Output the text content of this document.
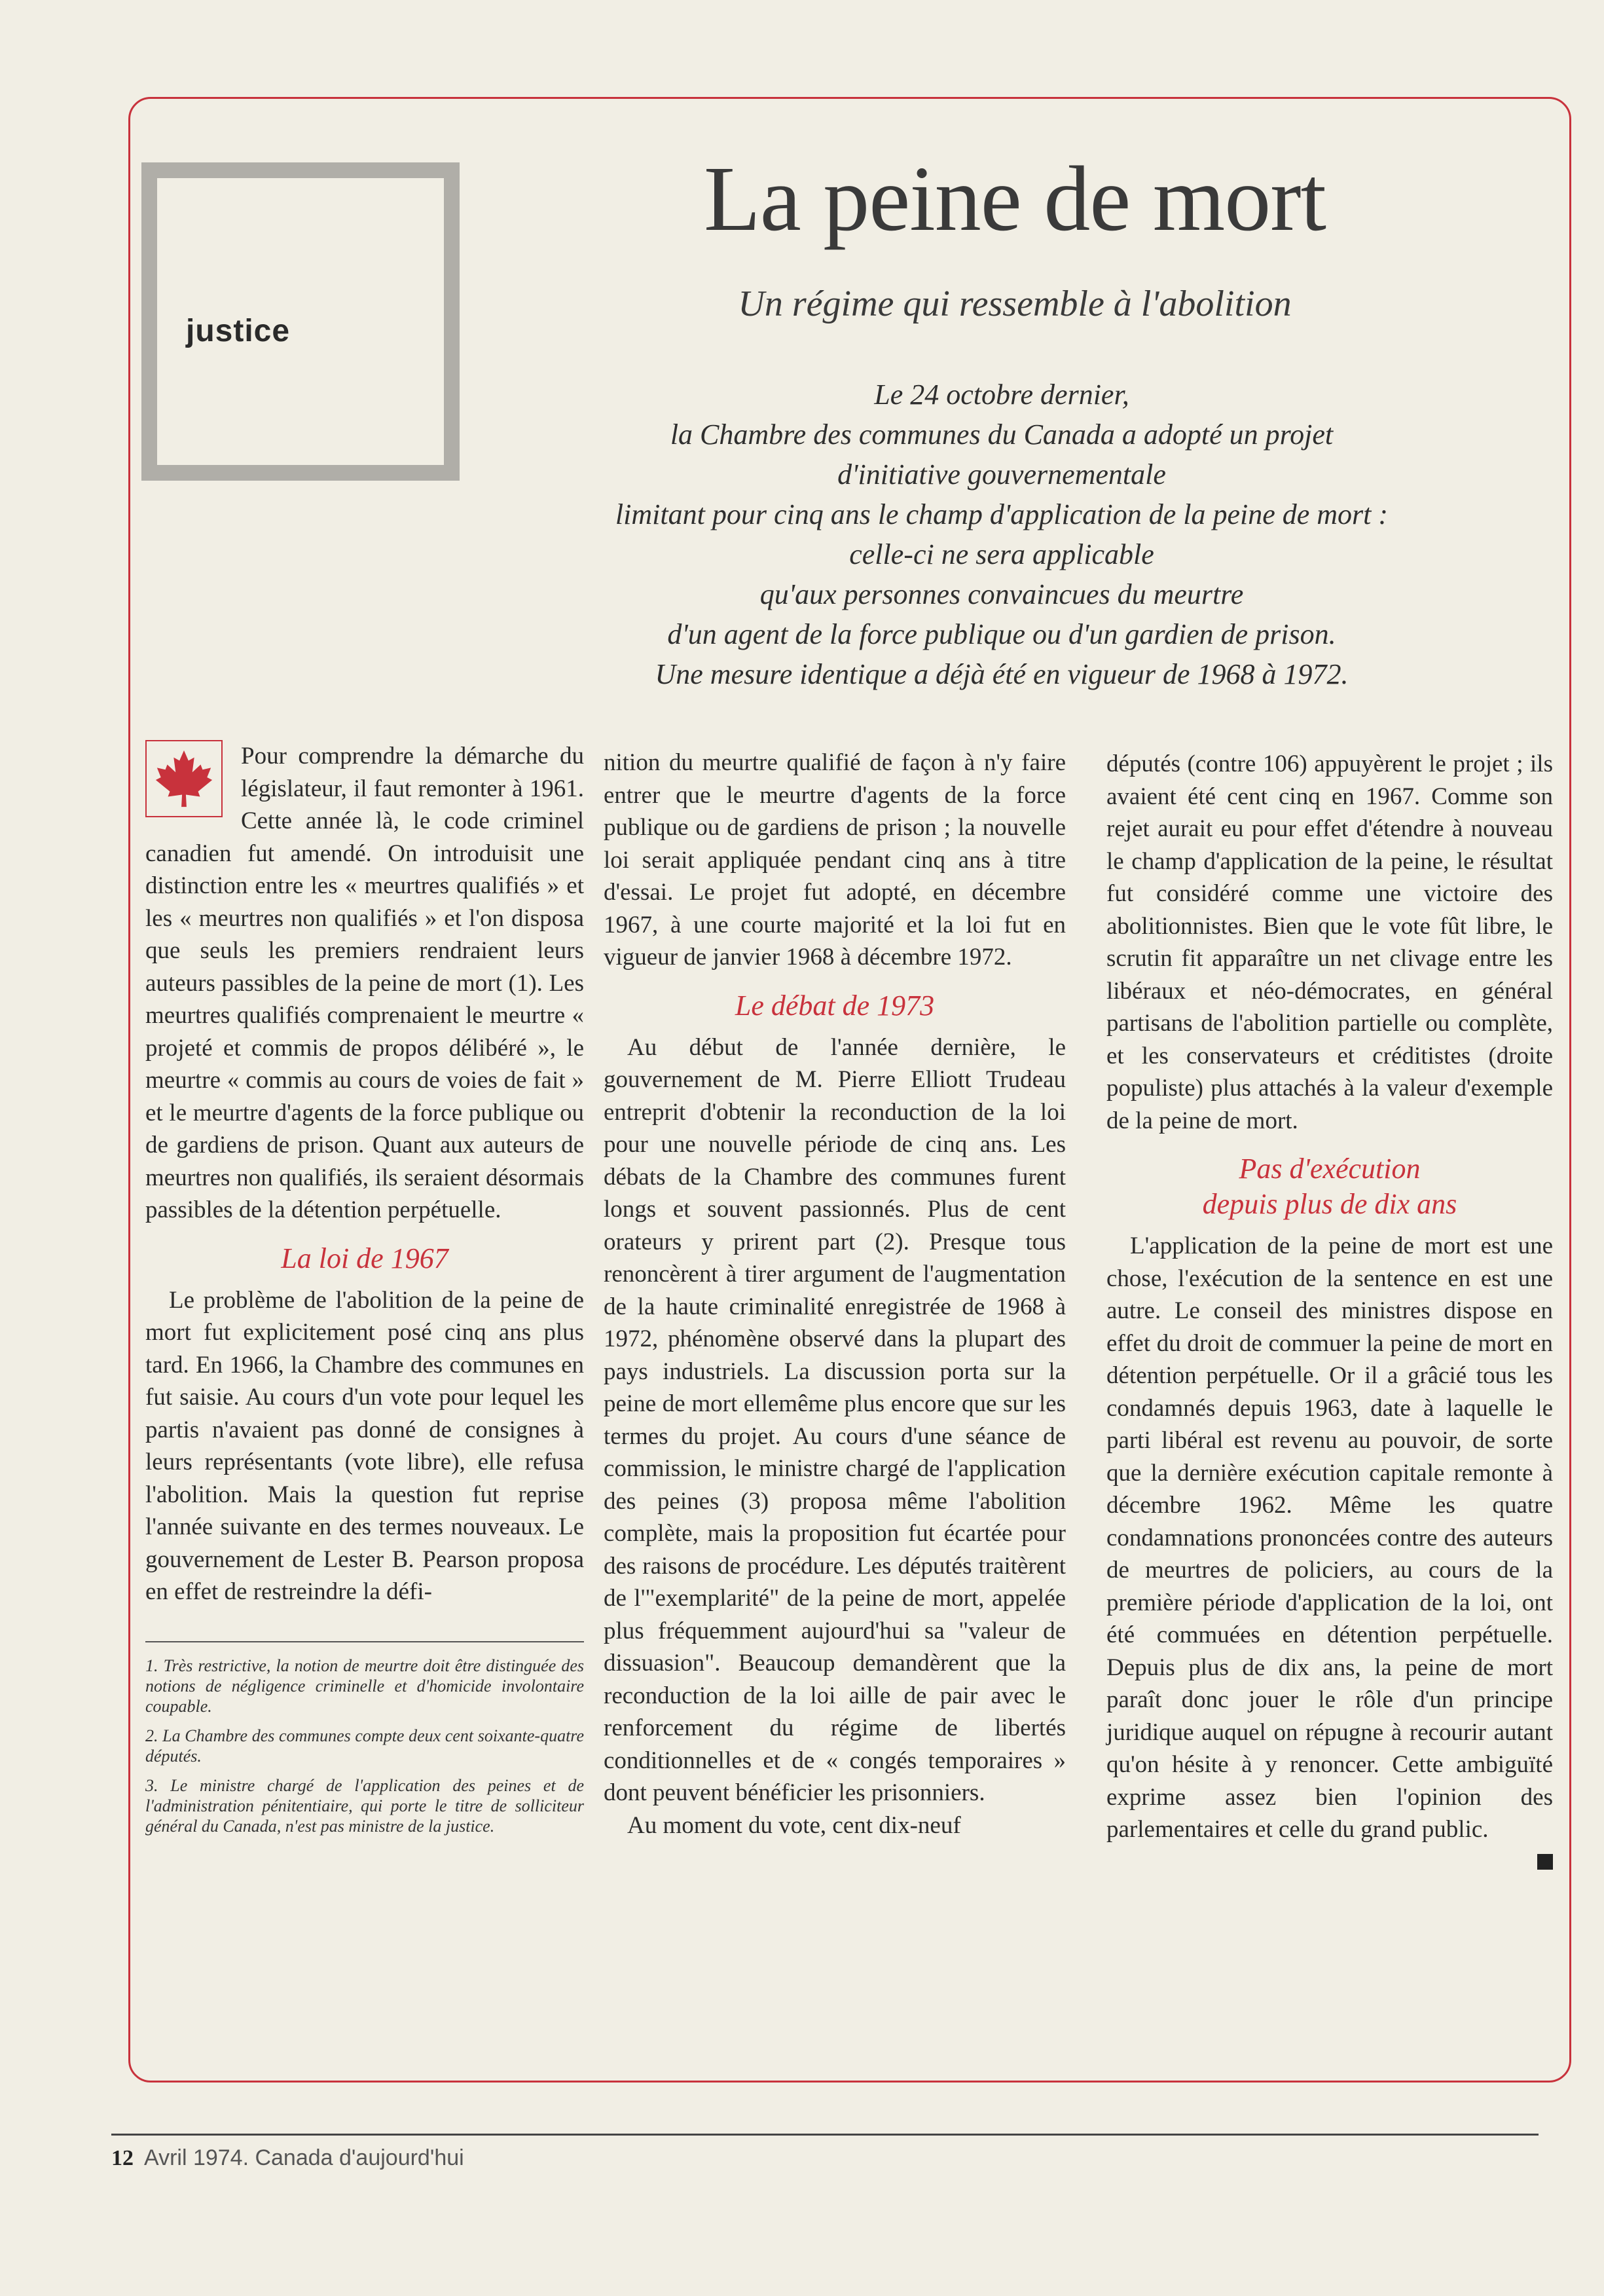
justice
La peine de mort
Un régime qui ressemble à l'abolition
Le 24 octobre dernier,
la Chambre des communes du Canada a adopté un projet
d'initiative gouvernementale
limitant pour cinq ans le champ d'application de la peine de mort :
celle-ci ne sera applicable
qu'aux personnes convaincues du meurtre
d'un agent de la force publique ou d'un gardien de prison.
Une mesure identique a déjà été en vigueur de 1968 à 1972.

Pour comprendre la démarche du législateur, il faut remonter à 1961. Cette année là, le code criminel canadien fut amendé. On introduisit une distinction entre les « meurtres qualifiés » et les « meurtres non qualifiés » et l'on disposa que seuls les premiers rendraient leurs auteurs passibles de la peine de mort (1). Les meurtres qualifiés comprenaient le meurtre « projeté et commis de propos délibéré », le meurtre « commis au cours de voies de fait » et le meurtre d'agents de la force publique ou de gardiens de prison. Quant aux auteurs de meurtres non qualifiés, ils seraient désormais passibles de la détention perpétuelle.

La loi de 1967

Le problème de l'abolition de la peine de mort fut explicitement posé cinq ans plus tard. En 1966, la Chambre des communes en fut saisie. Au cours d'un vote pour lequel les partis n'avaient pas donné de consignes à leurs représentants (vote libre), elle refusa l'abolition. Mais la question fut reprise l'année suivante en des termes nouveaux. Le gouvernement de Lester B. Pearson proposa en effet de restreindre la défi-

1. Très restrictive, la notion de meurtre doit être distinguée des notions de négligence criminelle et d'homicide involontaire coupable.

2. La Chambre des communes compte deux cent soixante-quatre députés.

3. Le ministre chargé de l'application des peines et de l'administration pénitentiaire, qui porte le titre de solliciteur général du Canada, n'est pas ministre de la justice.

nition du meurtre qualifié de façon à n'y faire entrer que le meurtre d'agents de la force publique ou de gardiens de prison ; la nouvelle loi serait appliquée pendant cinq ans à titre d'essai. Le projet fut adopté, en décembre 1967, à une courte majorité et la loi fut en vigueur de janvier 1968 à décembre 1972.

Le débat de 1973

Au début de l'année dernière, le gouvernement de M. Pierre Elliott Trudeau entreprit d'obtenir la reconduction de la loi pour une nouvelle période de cinq ans. Les débats de la Chambre des communes furent longs et souvent passionnés. Plus de cent orateurs y prirent part (2). Presque tous renoncèrent à tirer argument de l'augmentation de la haute criminalité enregistrée de 1968 à 1972, phénomène observé dans la plupart des pays industriels. La discussion porta sur la peine de mort ellemême plus encore que sur les termes du projet. Au cours d'une séance de commission, le ministre chargé de l'application des peines (3) proposa même l'abolition complète, mais la proposition fut écartée pour des raisons de procédure. Les députés traitèrent de l'"exemplarité" de la peine de mort, appelée plus fréquemment aujourd'hui sa "valeur de dissuasion". Beaucoup demandèrent que la reconduction de la loi aille de pair avec le renforcement du régime de libertés conditionnelles et de « congés temporaires » dont peuvent bénéficier les prisonniers.

Au moment du vote, cent dix-neuf

députés (contre 106) appuyèrent le projet ; ils avaient été cent cinq en 1967. Comme son rejet aurait eu pour effet d'étendre à nouveau le champ d'application de la peine, le résultat fut considéré comme une victoire des abolitionnistes. Bien que le vote fût libre, le scrutin fit apparaître un net clivage entre les libéraux et néo-démocrates, en général partisans de l'abolition partielle ou complète, et les conservateurs et créditistes (droite populiste) plus attachés à la valeur d'exemple de la peine de mort.

Pas d'exécution
depuis plus de dix ans

L'application de la peine de mort est une chose, l'exécution de la sentence en est une autre. Le conseil des ministres dispose en effet du droit de commuer la peine de mort en détention perpétuelle. Or il a grâcié tous les condamnés depuis 1963, date à laquelle le parti libéral est revenu au pouvoir, de sorte que la dernière exécution capitale remonte à décembre 1962. Même les quatre condamnations prononcées contre des auteurs de meurtres de policiers, au cours de la première période d'application de la loi, ont été commuées en détention perpétuelle. Depuis plus de dix ans, la peine de mort paraît donc jouer le rôle d'un principe juridique auquel on répugne à recourir autant qu'on hésite à y renoncer. Cette ambiguïté exprime assez bien l'opinion des parlementaires et celle du grand public.

12 Avril 1974. Canada d'aujourd'hui
